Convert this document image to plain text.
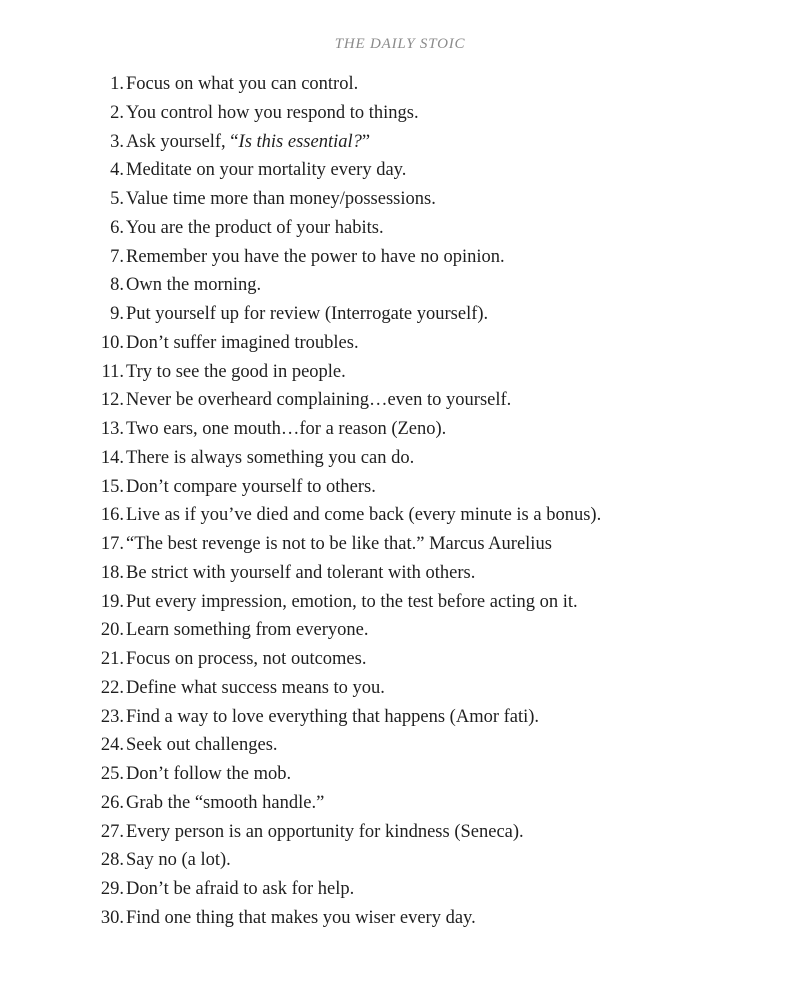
THE DAILY STOIC
1. Focus on what you can control.
2. You control how you respond to things.
3. Ask yourself, “Is this essential?”
4. Meditate on your mortality every day.
5. Value time more than money/possessions.
6. You are the product of your habits.
7. Remember you have the power to have no opinion.
8. Own the morning.
9. Put yourself up for review (Interrogate yourself).
10. Don’t suffer imagined troubles.
11. Try to see the good in people.
12. Never be overheard complaining…even to yourself.
13. Two ears, one mouth…for a reason (Zeno).
14. There is always something you can do.
15. Don’t compare yourself to others.
16. Live as if you’ve died and come back (every minute is a bonus).
17. “The best revenge is not to be like that.” Marcus Aurelius
18. Be strict with yourself and tolerant with others.
19. Put every impression, emotion, to the test before acting on it.
20. Learn something from everyone.
21. Focus on process, not outcomes.
22. Define what success means to you.
23. Find a way to love everything that happens (Amor fati).
24. Seek out challenges.
25. Don’t follow the mob.
26. Grab the “smooth handle.”
27. Every person is an opportunity for kindness (Seneca).
28. Say no (a lot).
29. Don’t be afraid to ask for help.
30. Find one thing that makes you wiser every day.
